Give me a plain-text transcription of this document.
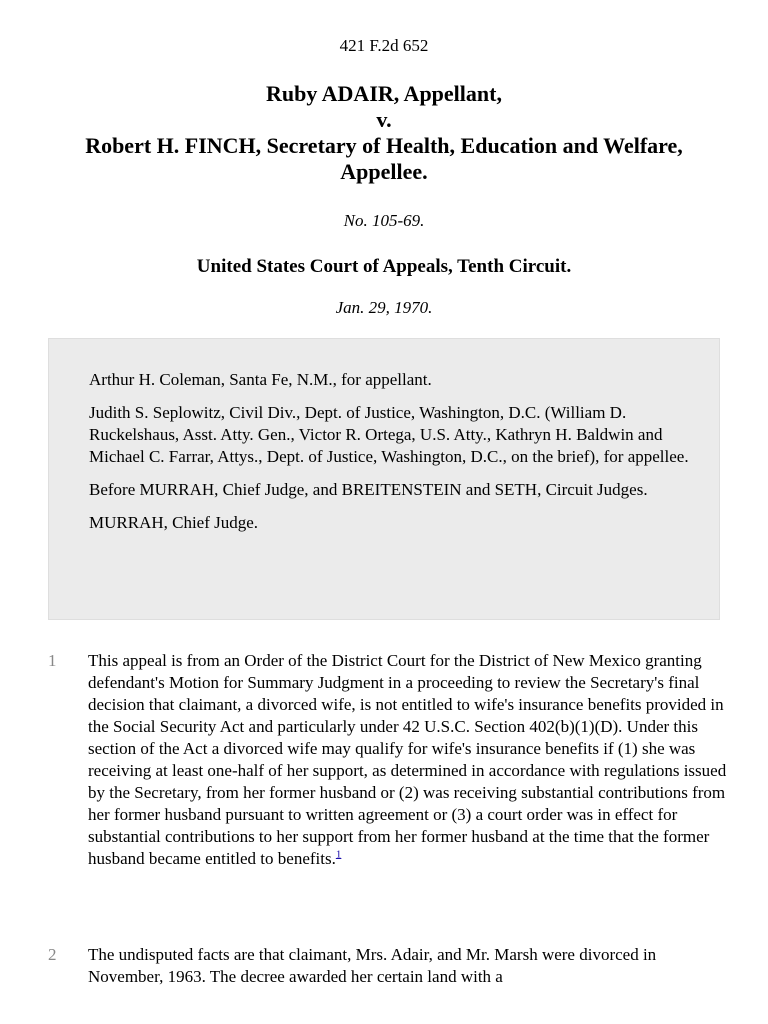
421 F.2d 652
Ruby ADAIR, Appellant,
v.
Robert H. FINCH, Secretary of Health, Education and Welfare, Appellee.
No. 105-69.
United States Court of Appeals, Tenth Circuit.
Jan. 29, 1970.

Arthur H. Coleman, Santa Fe, N.M., for appellant.

Judith S. Seplowitz, Civil Div., Dept. of Justice, Washington, D.C. (William D. Ruckelshaus, Asst. Atty. Gen., Victor R. Ortega, U.S. Atty., Kathryn H. Baldwin and Michael C. Farrar, Attys., Dept. of Justice, Washington, D.C., on the brief), for appellee.

Before MURRAH, Chief Judge, and BREITENSTEIN and SETH, Circuit Judges.

MURRAH, Chief Judge.

1	This appeal is from an Order of the District Court for the District of New Mexico granting defendant's Motion for Summary Judgment in a proceeding to review the Secretary's final decision that claimant, a divorced wife, is not entitled to wife's insurance benefits provided in the Social Security Act and particularly under 42 U.S.C. Section 402(b)(1)(D). Under this section of the Act a divorced wife may qualify for wife's insurance benefits if (1) she was receiving at least one-half of her support, as determined in accordance with regulations issued by the Secretary, from her former husband or (2) was receiving substantial contributions from her former husband pursuant to written agreement or (3) a court order was in effect for substantial contributions to her support from her former husband at the time that the former husband became entitled to benefits.$^1$
2	The undisputed facts are that claimant, Mrs. Adair, and Mr. Marsh were divorced in November, 1963. The decree awarded her certain land with a
